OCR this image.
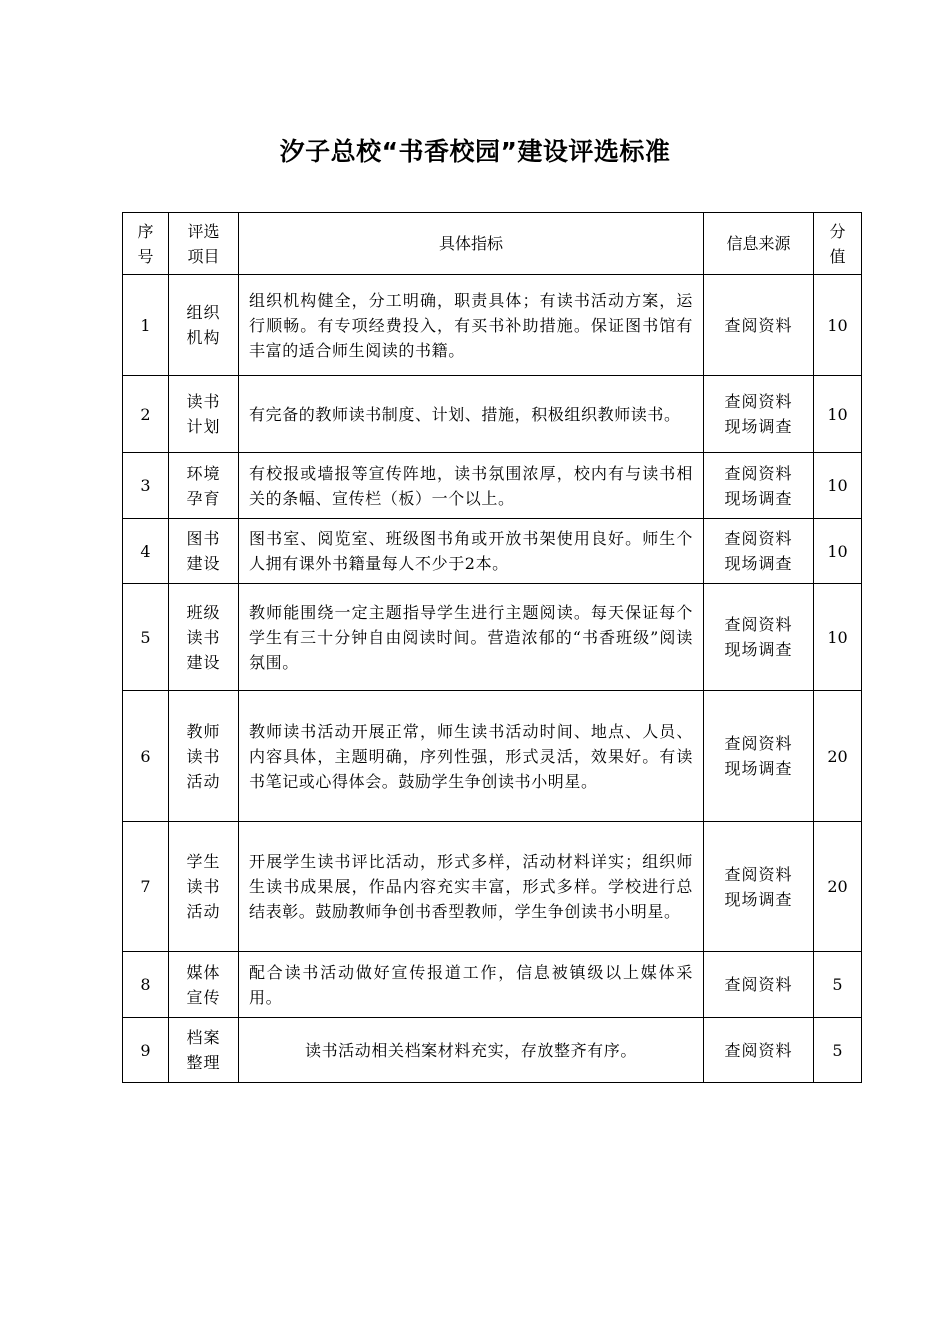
汐子总校“书香校园”建设评选标准
序
号	评选
项目	具体指标	信息来源	分
值

1	组织
机构	组织机构健全，分工明确，职责具体；有读书活动方案，运行顺畅。有专项经费投入，有买书补助措施。保证图书馆有丰富的适合师生阅读的书籍。	查阅资料	10
2	读书
计划	有完备的教师读书制度、计划、措施，积极组织教师读书。	查阅资料
现场调查	10
3	环境
孕育	有校报或墙报等宣传阵地，读书氛围浓厚，校内有与读书相关的条幅、宣传栏（板）一个以上。	查阅资料
现场调查	10
4	图书
建设	图书室、阅览室、班级图书角或开放书架使用良好。师生个人拥有课外书籍量每人不少于2本。	查阅资料
现场调查	10
5	班级
读书
建设	教师能围绕一定主题指导学生进行主题阅读。每天保证每个学生有三十分钟自由阅读时间。营造浓郁的“书香班级”阅读氛围。	查阅资料
现场调查	10
6	教师
读书
活动	教师读书活动开展正常，师生读书活动时间、地点、人员、内容具体，主题明确，序列性强，形式灵活，效果好。有读书笔记或心得体会。鼓励学生争创读书小明星。	查阅资料
现场调查	20
7	学生
读书
活动	开展学生读书评比活动，形式多样，活动材料详实；组织师生读书成果展，作品内容充实丰富，形式多样。学校进行总结表彰。鼓励教师争创书香型教师，学生争创读书小明星。	查阅资料
现场调查	20
8	媒体
宣传	配合读书活动做好宣传报道工作，信息被镇级以上媒体采用。	查阅资料	5
9	档案
整理	读书活动相关档案材料充实，存放整齐有序。	查阅资料	5
